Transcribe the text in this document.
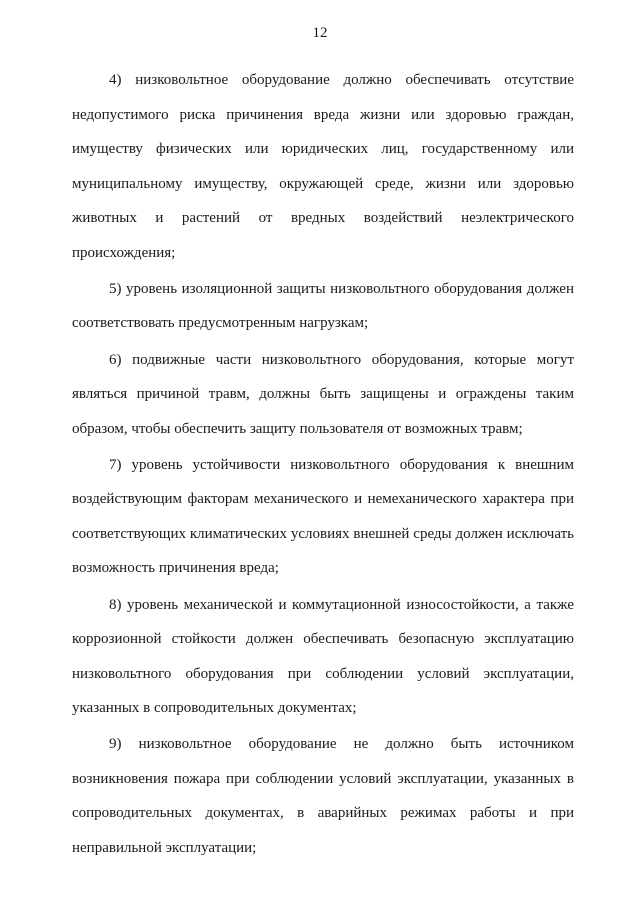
12

4) низковольтное оборудование должно обеспечивать отсутствие недопустимого риска причинения вреда жизни или здоровью граждан, имуществу физических или юридических лиц, государственному или муниципальному имуществу, окружающей среде, жизни или здоровью животных и растений от вредных воздействий неэлектрического происхождения;

5) уровень изоляционной защиты низковольтного оборудования должен соответствовать предусмотренным нагрузкам;

6) подвижные части низковольтного оборудования, которые могут являться причиной травм, должны быть защищены и ограждены таким образом, чтобы обеспечить защиту пользователя от возможных травм;

7) уровень устойчивости низковольтного оборудования к внешним воздействующим факторам механического и немеханического характера при соответствующих климатических условиях внешней среды должен исключать возможность причинения вреда;

8) уровень механической и коммутационной износостойкости, а также коррозионной стойкости должен обеспечивать безопасную эксплуатацию низковольтного оборудования при соблюдении условий эксплуатации, указанных в сопроводительных документах;

9) низковольтное оборудование не должно быть источником возникновения пожара при соблюдении условий эксплуатации, указанных в сопроводительных документах, в аварийных режимах работы и при неправильной эксплуатации;
